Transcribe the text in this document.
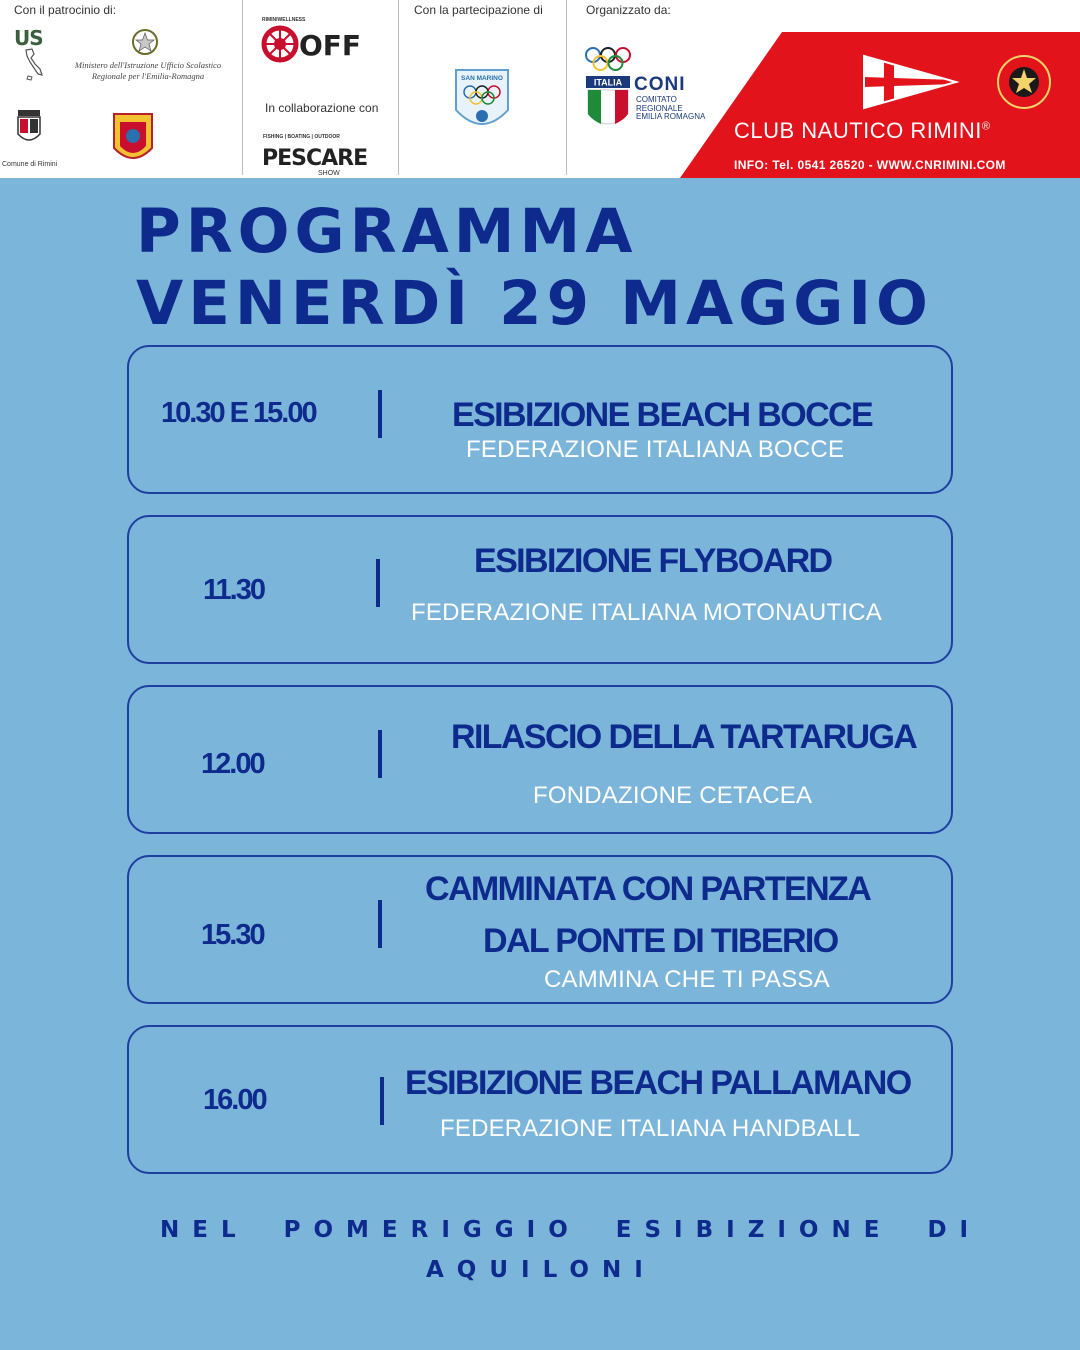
Con il patrocinio di:
US
Ministero dell'Istruzione Ufficio Scolastico Regionale per l'Emilia-Romagna
Comune di Rimini
RIMINIWELLNESS
OFF
In collaborazione con
FISHING | BOATING | OUTDOOR
PESCARE
SHOW
Con la partecipazione di
SAN MARINO
Organizzato da:
ITALIA CONI
COMITATO
REGIONALE
EMILIA ROMAGNA
CLUB NAUTICO RIMINI®
INFO: Tel. 0541 26520 - WWW.CNRIMINI.COM
PROGRAMMA
VENERDÌ 29 MAGGIO
10.30 E 15.00	ESIBIZIONE BEACH BOCCE
FEDERAZIONE ITALIANA BOCCE
11.30
ESIBIZIONE FLYBOARD
FEDERAZIONE ITALIANA MOTONAUTICA
12.00
RILASCIO DELLA TARTARUGA
FONDAZIONE CETACEA
15.30
CAMMINATA CON PARTENZA
DAL PONTE DI TIBERIO
CAMMINA CHE TI PASSA
16.00	ESIBIZIONE BEACH PALLAMANO
FEDERAZIONE ITALIANA HANDBALL
NEL POMERIGGIO ESIBIZIONE DI
AQUILONI
